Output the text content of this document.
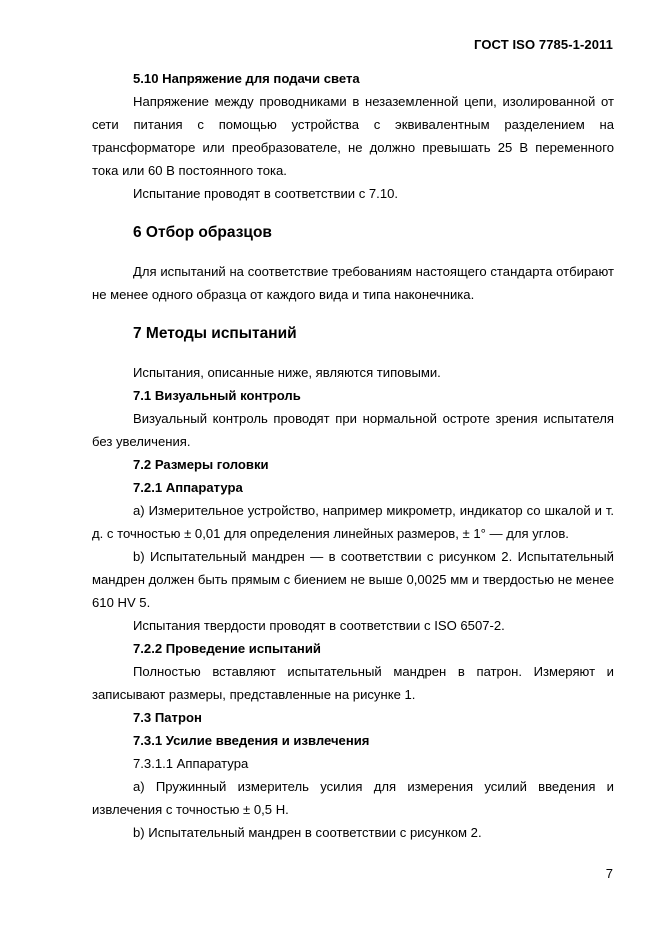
ГОСТ ISO 7785-1-2011

5.10 Напряжение для подачи света

Напряжение между проводниками в незаземленной цепи, изолированной от сети питания с помощью устройства с эквивалентным разделением на трансформаторе или преобразователе, не должно превышать 25 В переменного тока или 60 В постоянного тока.

Испытание проводят в соответствии с 7.10.

6 Отбор образцов

Для испытаний на соответствие требованиям настоящего стандарта отбирают не менее одного образца от каждого вида и типа наконечника.

7 Методы испытаний

Испытания, описанные ниже, являются типовыми.

7.1 Визуальный контроль

Визуальный контроль проводят при нормальной остроте зрения испытателя без увеличения.

7.2 Размеры головки

7.2.1 Аппаратура

а) Измерительное устройство, например микрометр, индикатор со шкалой и т. д. с точностью ± 0,01 для определения линейных размеров, ± 1° — для углов.

b) Испытательный мандрен — в соответствии с рисунком 2. Испытательный мандрен должен быть прямым с биением не выше 0,0025 мм и твердостью не менее 610 HV 5.

Испытания твердости проводят в соответствии с ISO 6507-2.

7.2.2 Проведение испытаний

Полностью вставляют испытательный мандрен в патрон. Измеряют и записывают размеры, представленные на рисунке 1.

7.3 Патрон

7.3.1 Усилие введения и извлечения

7.3.1.1 Аппаратура

а) Пружинный измеритель усилия для измерения усилий введения и извлечения с точностью ± 0,5 Н.

b) Испытательный мандрен в соответствии с рисунком 2.

7
